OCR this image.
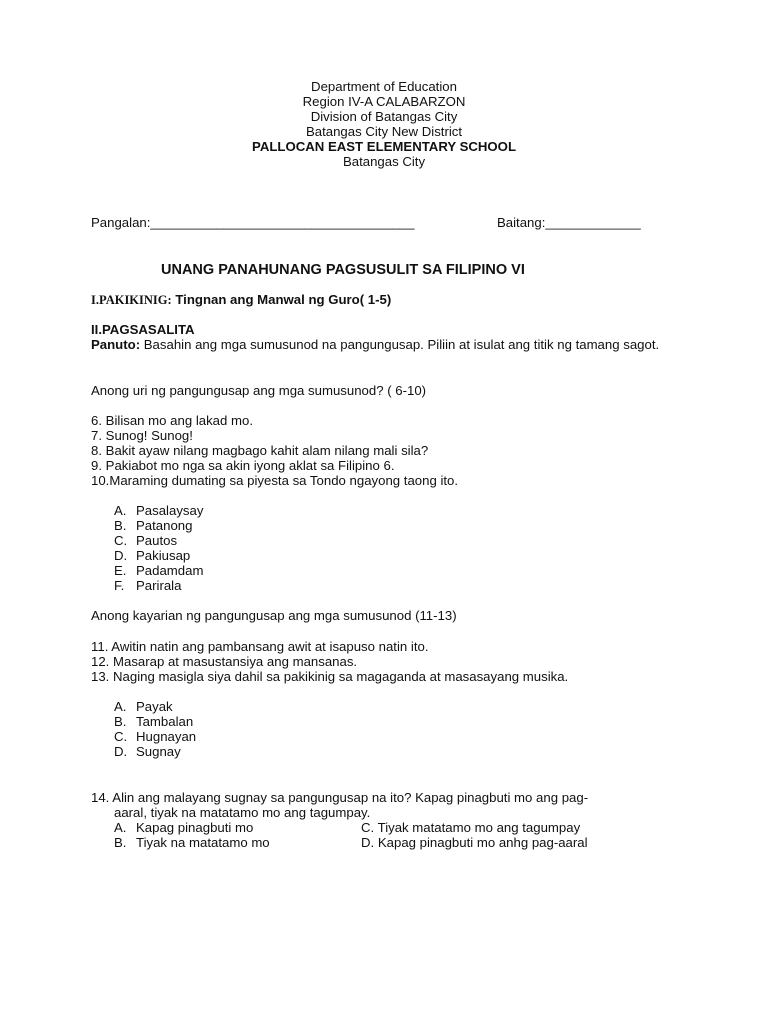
Department of Education
Region IV-A CALABARZON
Division of Batangas City
Batangas City New District
PALLOCAN EAST ELEMENTARY SCHOOL
Batangas City
Pangalan:____________________________________	Baitang:_____________
UNANG PANAHUNANG PAGSUSULIT SA FILIPINO VI
I.PAKIKINIG: Tingnan ang Manwal ng Guro( 1-5)
II.PAGSASALITA
Panuto: Basahin ang mga sumusunod na pangungusap. Piliin at isulat ang titik ng tamang sagot.
Anong uri ng pangungusap ang mga sumusunod? ( 6-10)
6. Bilisan mo ang lakad mo.
7. Sunog! Sunog!
8. Bakit ayaw nilang magbago kahit alam nilang mali sila?
9. Pakiabot mo nga sa akin iyong aklat sa Filipino 6.
10.Maraming dumating sa piyesta sa Tondo ngayong taong ito.
A. Pasalaysay
B. Patanong
C. Pautos
D. Pakiusap
E. Padamdam
F. Parirala
Anong kayarian ng pangungusap ang mga sumusunod (11-13)
11. Awitin natin ang pambansang awit at isapuso natin ito.
12. Masarap at masustansiya ang mansanas.
13. Naging masigla siya dahil sa pakikinig sa magaganda at masasayang musika.
A. Payak
B. Tambalan
C. Hugnayan
D. Sugnay
14. Alin ang malayang sugnay sa pangungusap na ito? Kapag pinagbuti mo ang pag-
aaral, tiyak na matatamo mo ang tagumpay.
A. Kapag pinagbuti mo	C. Tiyak matatamo mo ang tagumpay
B. Tiyak na matatamo mo	D. Kapag pinagbuti mo anhg pag-aaral
